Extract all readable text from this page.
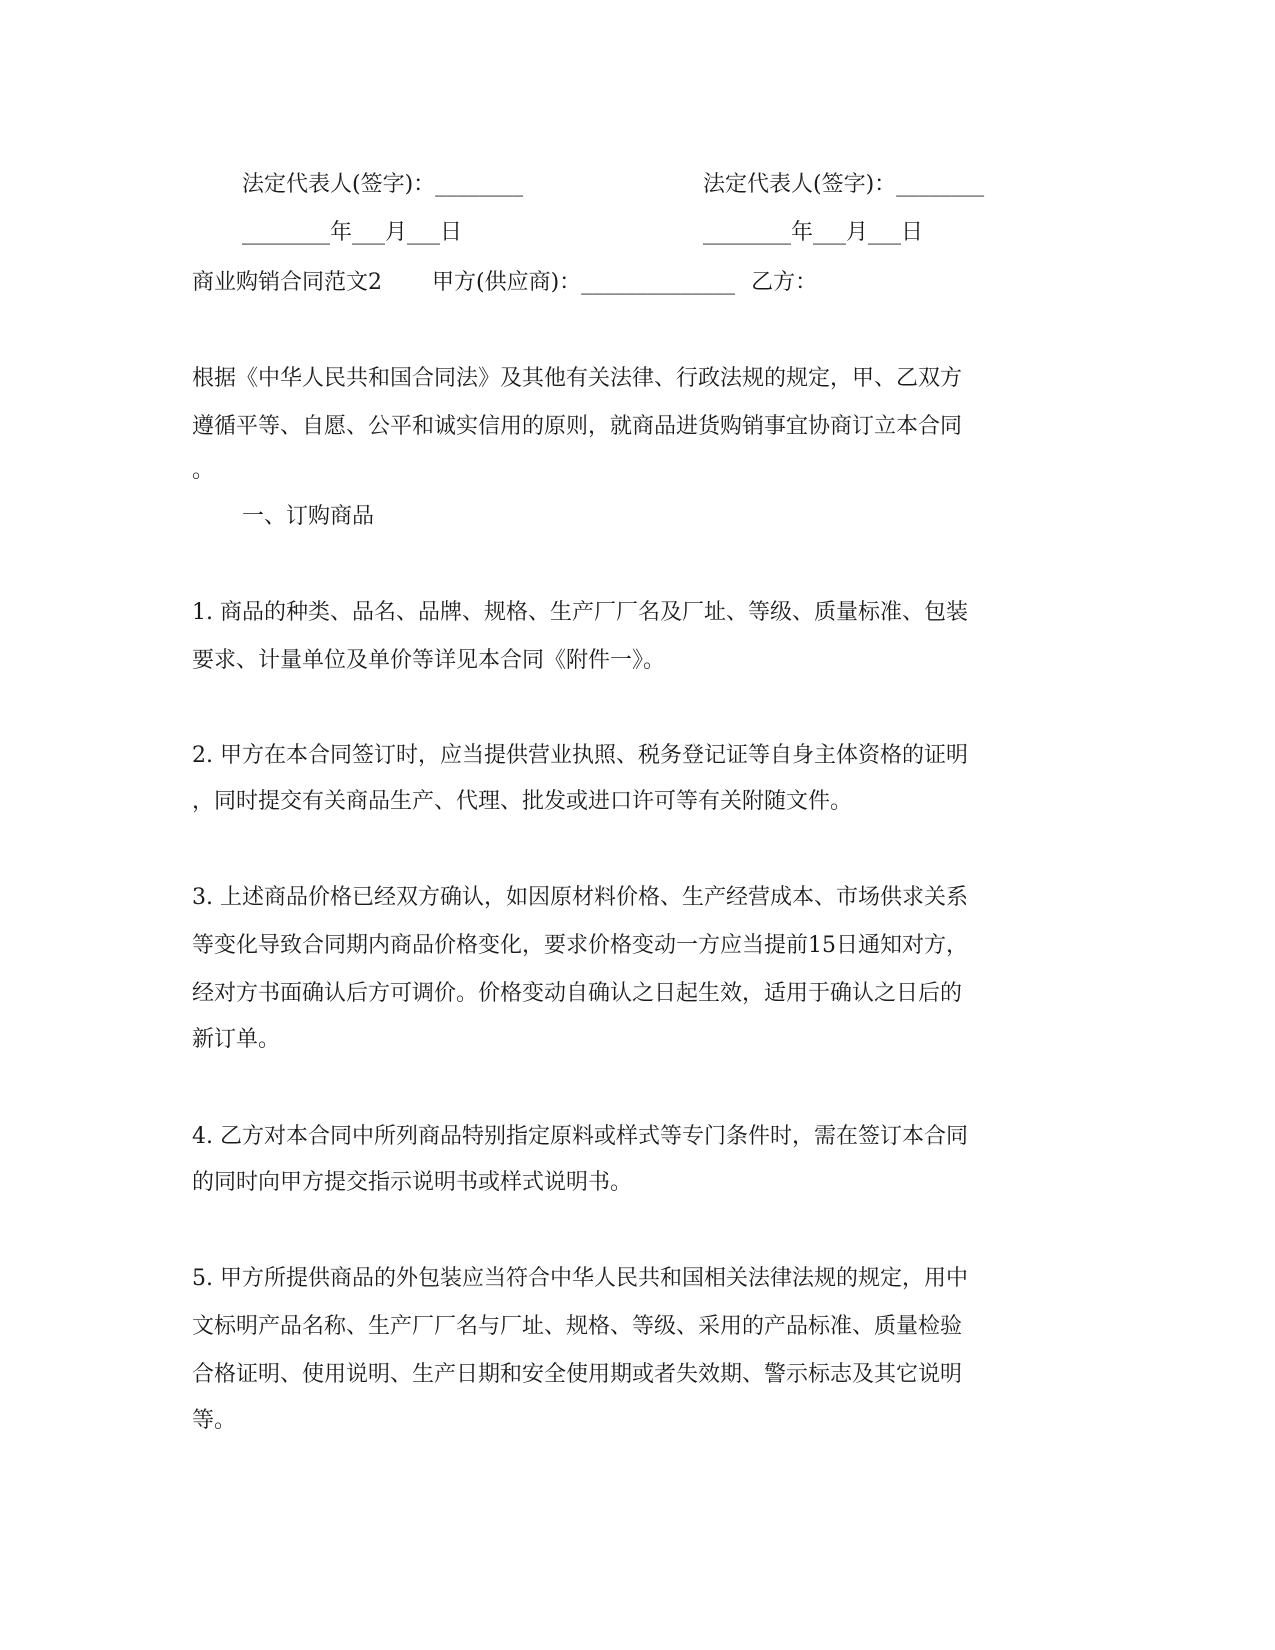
法定代表人(签字)：________	法定代表人(签字)：________
________年___月___日	________年___月___日
商业购销合同范文2 甲方(供应商)：______________ 乙方：
根据《中华人民共和国合同法》及其他有关法律、行政法规的规定，甲、乙双方
遵循平等、自愿、公平和诚实信用的原则，就商品进货购销事宜协商订立本合同
。
一、订购商品
1. 商品的种类、品名、品牌、规格、生产厂厂名及厂址、等级、质量标准、包装
要求、计量单位及单价等详见本合同《附件一》。
2. 甲方在本合同签订时，应当提供营业执照、税务登记证等自身主体资格的证明
，同时提交有关商品生产、代理、批发或进口许可等有关附随文件。
3. 上述商品价格已经双方确认，如因原材料价格、生产经营成本、市场供求关系
等变化导致合同期内商品价格变化，要求价格变动一方应当提前15日通知对方，
经对方书面确认后方可调价。价格变动自确认之日起生效，适用于确认之日后的
新订单。
4. 乙方对本合同中所列商品特别指定原料或样式等专门条件时，需在签订本合同
的同时向甲方提交指示说明书或样式说明书。
5. 甲方所提供商品的外包装应当符合中华人民共和国相关法律法规的规定，用中
文标明产品名称、生产厂厂名与厂址、规格、等级、采用的产品标准、质量检验
合格证明、使用说明、生产日期和安全使用期或者失效期、警示标志及其它说明
等。
